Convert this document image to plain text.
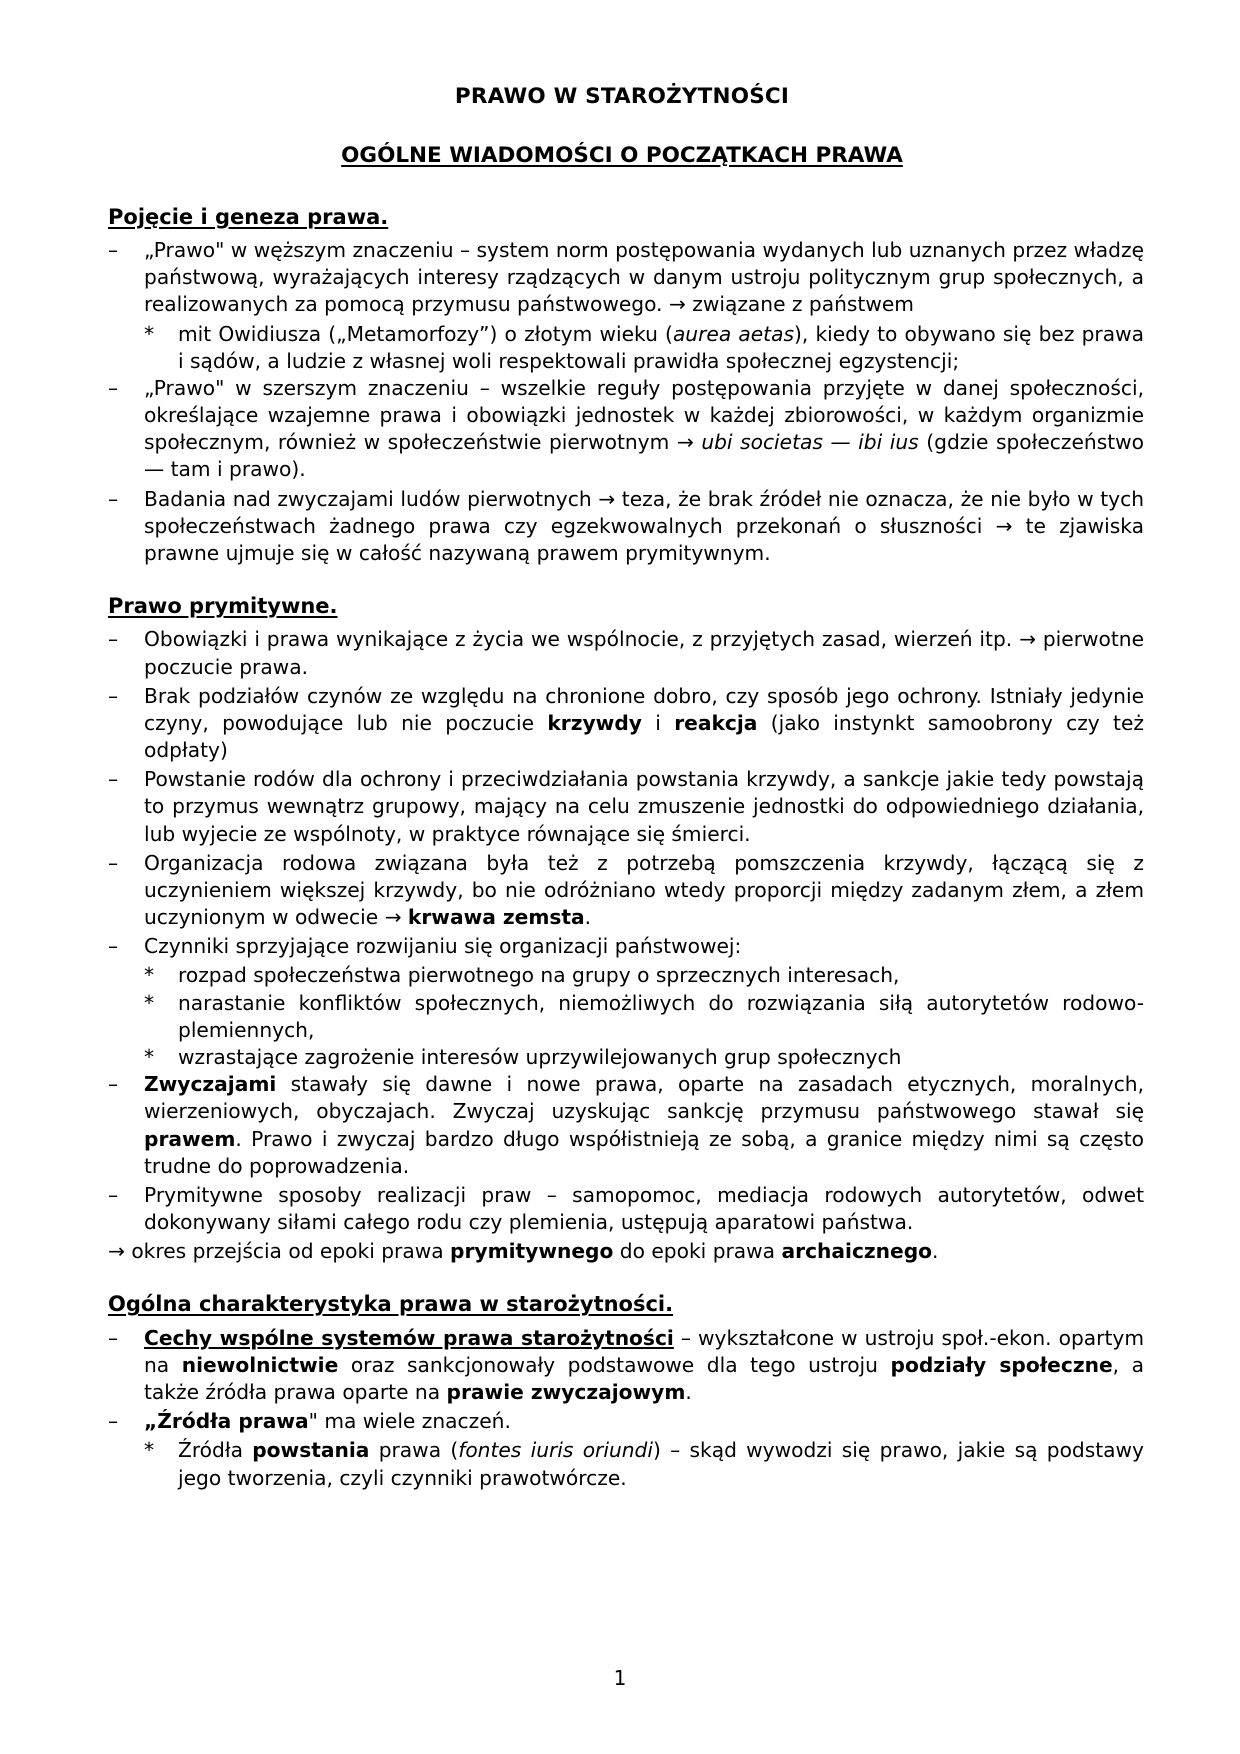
PRAWO W STAROŻYTNOŚCI
OGÓLNE WIADOMOŚCI O POCZĄTKACH PRAWA
Pojęcie i geneza prawa.
– „Prawo" w węższym znaczeniu – system norm postępowania wydanych lub uznanych przez władzę państwową, wyrażających interesy rządzących w danym ustroju politycznym grup społecznych, a realizowanych za pomocą przymusu państwowego. → związane z państwem
* mit Owidiusza („Metamorfozy”) o złotym wieku (aurea aetas), kiedy to obywano się bez prawa i sądów, a ludzie z własnej woli respektowali prawidła społecznej egzystencji;
– „Prawo" w szerszym znaczeniu – wszelkie reguły postępowania przyjęte w danej społeczności, określające wzajemne prawa i obowiązki jednostek w każdej zbiorowości, w każdym organizmie społecznym, również w społeczeństwie pierwotnym → ubi societas — ibi ius (gdzie społeczeństwo — tam i prawo).
– Badania nad zwyczajami ludów pierwotnych → teza, że brak źródeł nie oznacza, że nie było w tych społeczeństwach żadnego prawa czy egzekwowalnych przekonań o słuszności → te zjawiska prawne ujmuje się w całość nazywaną prawem prymitywnym.
Prawo prymitywne.
– Obowiązki i prawa wynikające z życia we wspólnocie, z przyjętych zasad, wierzeń itp. → pierwotne poczucie prawa.
– Brak podziałów czynów ze względu na chronione dobro, czy sposób jego ochrony. Istniały jedynie czyny, powodujące lub nie poczucie krzywdy i reakcja (jako instynkt samoobrony czy też odpłaty)
– Powstanie rodów dla ochrony i przeciwdziałania powstania krzywdy, a sankcje jakie tedy powstają to przymus wewnątrz grupowy, mający na celu zmuszenie jednostki do odpowiedniego działania, lub wyjecie ze wspólnoty, w praktyce równające się śmierci.
– Organizacja rodowa związana była też z potrzebą pomszczenia krzywdy, łączącą się z uczynieniem większej krzywdy, bo nie odróżniano wtedy proporcji między zadanym złem, a złem uczynionym w odwecie → krwawa zemsta.
– Czynniki sprzyjające rozwijaniu się organizacji państwowej:
* rozpad społeczeństwa pierwotnego na grupy o sprzecznych interesach,
* narastanie konfliktów społecznych, niemożliwych do rozwiązania siłą autorytetów rodowo-plemiennych,
* wzrastające zagrożenie interesów uprzywilejowanych grup społecznych
– Zwyczajami stawały się dawne i nowe prawa, oparte na zasadach etycznych, moralnych, wierzeniowych, obyczajach. Zwyczaj uzyskując sankcję przymusu państwowego stawał się prawem. Prawo i zwyczaj bardzo długo współistnieją ze sobą, a granice między nimi są często trudne do poprowadzenia.
– Prymitywne sposoby realizacji praw – samopomoc, mediacja rodowych autorytetów, odwet dokonywany siłami całego rodu czy plemienia, ustępują aparatowi państwa.
→ okres przejścia od epoki prawa prymitywnego do epoki prawa archaicznego.
Ogólna charakterystyka prawa w starożytności.
– Cechy wspólne systemów prawa starożytności – wykształcone w ustroju społ.-ekon. opartym na niewolnictwie oraz sankcjonowały podstawowe dla tego ustroju podziały społeczne, a także źródła prawa oparte na prawie zwyczajowym.
– „Źródła prawa" ma wiele znaczeń.
* Źródła powstania prawa (fontes iuris oriundi) – skąd wywodzi się prawo, jakie są podstawy jego tworzenia, czyli czynniki prawotwórcze.
1
